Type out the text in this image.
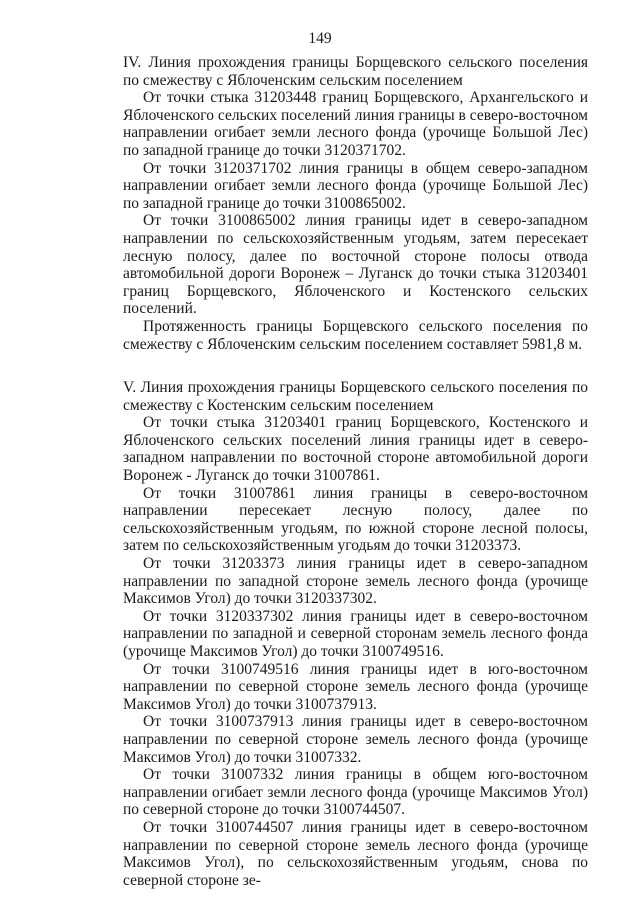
149

IV. Линия прохождения границы Борщевского сельского поселения по смежеству с Яблоченским сельским поселением

От точки стыка 31203448 границ Борщевского, Архангельского и Яблоченского сельских поселений линия границы в северо-восточном направлении огибает земли лесного фонда (урочище Большой Лес) по западной границе до точки 3120371702.

От точки 3120371702 линия границы в общем северо-западном направлении огибает земли лесного фонда (урочище Большой Лес) по западной границе до точки 3100865002.

От точки 3100865002 линия границы идет в северо-западном направлении по сельскохозяйственным угодьям, затем пересекает лесную полосу, далее по восточной стороне полосы отвода автомобильной дороги Воронеж – Луганск до точки стыка 31203401 границ Борщевского, Яблоченского и Костенского сельских поселений.

Протяженность границы Борщевского сельского поселения по смежеству с Яблоченским сельским поселением составляет 5981,8 м.

V. Линия прохождения границы Борщевского сельского поселения по смежеству с Костенским сельским поселением

От точки стыка 31203401 границ Борщевского, Костенского и Яблоченского сельских поселений линия границы идет в северо-западном направлении по восточной стороне автомобильной дороги Воронеж - Луганск до точки 31007861.

От точки 31007861 линия границы в северо-восточном направлении пересекает лесную полосу, далее по сельскохозяйственным угодьям, по южной стороне лесной полосы, затем по сельскохозяйственным угодьям до точки 31203373.

От точки 31203373 линия границы идет в северо-западном направлении по западной стороне земель лесного фонда (урочище Максимов Угол) до точки 3120337302.

От точки 3120337302 линия границы идет в северо-восточном направлении по западной и северной сторонам земель лесного фонда (урочище Максимов Угол) до точки 3100749516.

От точки 3100749516 линия границы идет в юго-восточном направлении по северной стороне земель лесного фонда (урочище Максимов Угол) до точки 3100737913.

От точки 3100737913 линия границы идет в северо-восточном направлении по северной стороне земель лесного фонда (урочище Максимов Угол) до точки 31007332.

От точки 31007332 линия границы в общем юго-восточном направлении огибает земли лесного фонда (урочище Максимов Угол) по северной стороне до точки 3100744507.

От точки 3100744507 линия границы идет в северо-восточном направлении по северной стороне земель лесного фонда (урочище Максимов Угол), по сельскохозяйственным угодьям, снова по северной стороне зе-
